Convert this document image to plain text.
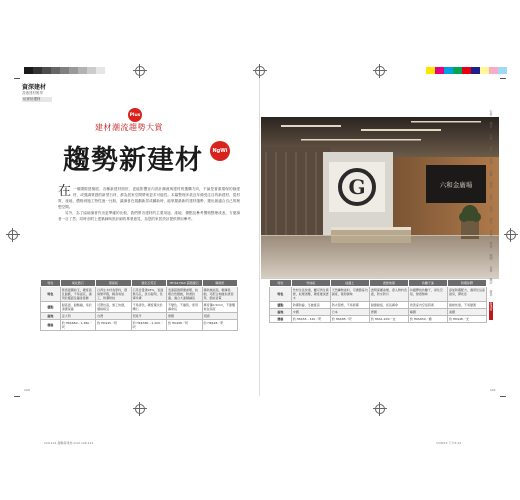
資深建材
香港建材報導
玩家好建材
Plus
建材潮流趨勢大賞
趨勢新建材	NgWi
在 一個國際建築展、各種新建材面世，更能影響室內設計潮流與建材的選購方向，不論是著重環保的綠建材、或強調質感的新型石材，都為居家空間帶來更多可能性。本篇整理多款近年備受注目的新建材，從材質、產地、價格到施工特性逐一比較，讓讀者在規劃新居或翻新時，能掌握最新的建材趨勢，選出最適合自己的理想空間。

另外，為了協助讀者作出更準確的比較，我們將各建材的主要用途、產地、優點及參考價格整理成表，方便讀者一目了然；同時亦附上建築師與設計師的專業意見，為您的家居設計提供實用參考。

G	六和金廣場
石材
磚材
木材
漆料
玻璃
金屬
膠材
布料
紙材
塑料
環保
科技
照明
五金
衛浴
廚具
新建材
特性	氧化鋯石	環保板	強化石英石	HT-S4 HGC 超微磨石	導熱紙
特色	質感溫潤如玉，硬度高且耐磨，不易刮花，適用於檯面及牆身裝飾	以再生木材為原料，環保無甲醛，輕身易加工，防潮防蛀	石英含量達93%，表面無毛孔，抗污耐用，色澤多樣	表面超微研磨處理，紋理自然細緻，防滑抗菌，適合大面積鋪設	導熱效能高，輕薄柔韌，可配合地暖系統使用，節能省電
優點	耐高溫、耐酸鹼，易於清潔保養	可塑性高，施工快捷，價格相宜	不易滲色，硬度僅次於鑽石	不變色、不龜裂，使用壽命長	厚度僅0.5mm，不影響地台高度
產地	意大利	台灣	西班牙	德國	英國
價格	約 HK$680－1,380／呎	約 HK$45／呎	約 HK$380－1,200／呎	約 HK$98／呎	約 HK$28／呎
特性	竹地板	硅藻土	液態玻璃	負離子漆	防霉矽膠
特色	竹材生長快速，屬可再生資源，紋理清雅，硬度媲美實木	天然礦物塗料，可調節室內濕度，吸附異味	透明保護塗層，滲入物料表面，防水防污	持續釋放負離子，淨化空氣，無毒無味	添加防霉配方，適用於浴室廚房，彈性佳
優點	防潮防蟲，冬暖夏涼	防火阻燃，不易發霉	耐磨耐刮，延長壽命	改善室內空氣質素	耐候性強，不易變黃
產地	中國	日本	德國	韓國	美國
價格	約 HK$55－120／呎	約 HK$85／呎	約 HK$1,200／支	約 HK$650／桶	約 HK$48／支
120	121
120-121 趨勢新建材.indd 120-121	13/8/12 下午5:22
